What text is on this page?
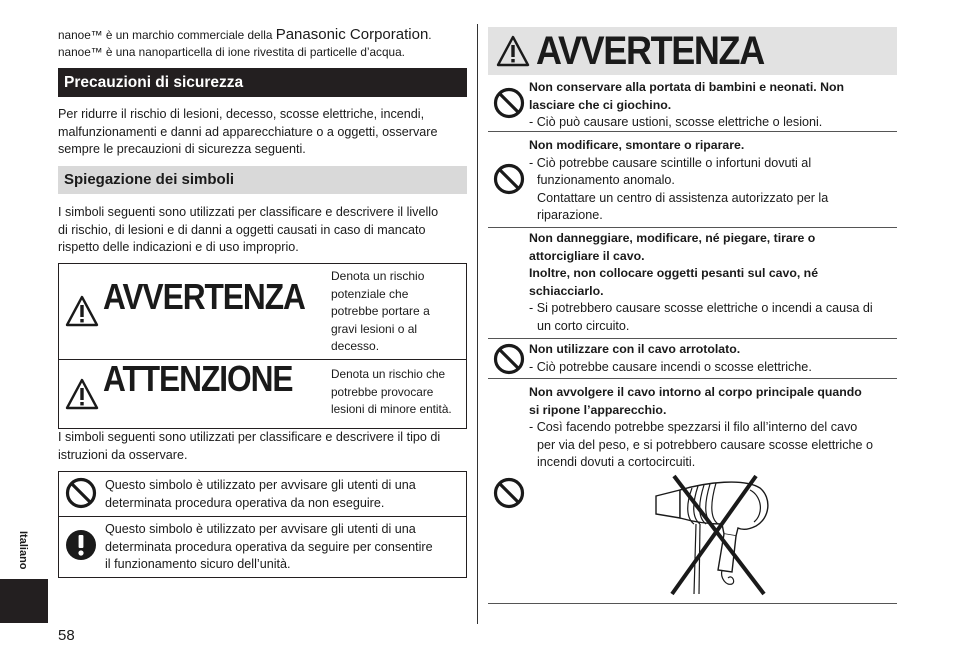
nanoe™ è un marchio commerciale della Panasonic Corporation.
nanoe™ è una nanoparticella di ione rivestita di particelle d’acqua.
Precauzioni di sicurezza
Per ridurre il rischio di lesioni, decesso, scosse elettriche, incendi,
malfunzionamenti e danni ad apparecchiature o a oggetti, osservare
sempre le precauzioni di sicurezza seguenti.
Spiegazione dei simboli
I simboli seguenti sono utilizzati per classificare e descrivere il livello
di rischio, di lesioni e di danni a oggetti causati in caso di mancato
rispetto delle indicazioni e di uso improprio.
AVVERTENZA Denota un rischio
potenziale che
potrebbe portare a
gravi lesioni o al
decesso.
ATTENZIONE	Denota un rischio che
potrebbe provocare
lesioni di minore entità.
I simboli seguenti sono utilizzati per classificare e descrivere il tipo di
istruzioni da osservare.
Questo simbolo è utilizzato per avvisare gli utenti di una
determinata procedura operativa da non eseguire.
Questo simbolo è utilizzato per avvisare gli utenti di una
determinata procedura operativa da seguire per consentire
il funzionamento sicuro dell’unità.
Italiano
58
AVVERTENZA
Non conservare alla portata di bambini e neonati. Non
lasciare che ci giochino.
- Ciò può causare ustioni, scosse elettriche o lesioni.
Non modificare, smontare o riparare.
- Ciò potrebbe causare scintille o infortuni dovuti al
funzionamento anomalo.
Contattare un centro di assistenza autorizzato per la
riparazione.
Non danneggiare, modificare, né piegare, tirare o
attorcigliare il cavo.
Inoltre, non collocare oggetti pesanti sul cavo, né
schiacciarlo.
- Si potrebbero causare scosse elettriche o incendi a causa di
un corto circuito.
Non utilizzare con il cavo arrotolato.
- Ciò potrebbe causare incendi o scosse elettriche.
Non avvolgere il cavo intorno al corpo principale quando
si ripone l’apparecchio.
- Così facendo potrebbe spezzarsi il filo all’interno del cavo
per via del peso, e si potrebbero causare scosse elettriche o
incendi dovuti a cortocircuiti.
